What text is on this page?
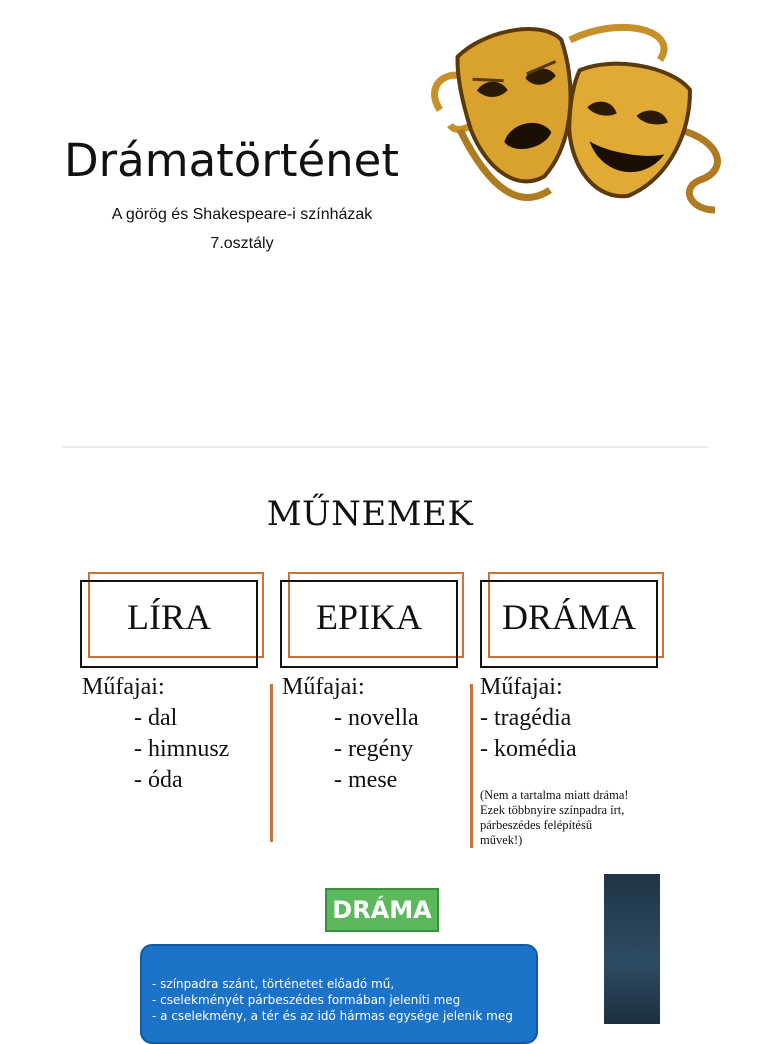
Drámatörténet
A görög és Shakespeare-i színházak
7.osztály
MŰNEMEK
LÍRA	EPIKA	DRÁMA
Műfajai:
- dal
- himnusz
- óda
Műfajai:
- novella
- regény
- mese
Műfajai:
- tragédia
- komédia
(Nem a tartalma miatt dráma!
Ezek többnyire színpadra írt,
párbeszédes felépítésű
művek!)
DRÁMA
- színpadra szánt, történetet előadó mű,
- cselekményét párbeszédes formában jeleníti meg
- a cselekmény, a tér és az idő hármas egysége jelenik meg
